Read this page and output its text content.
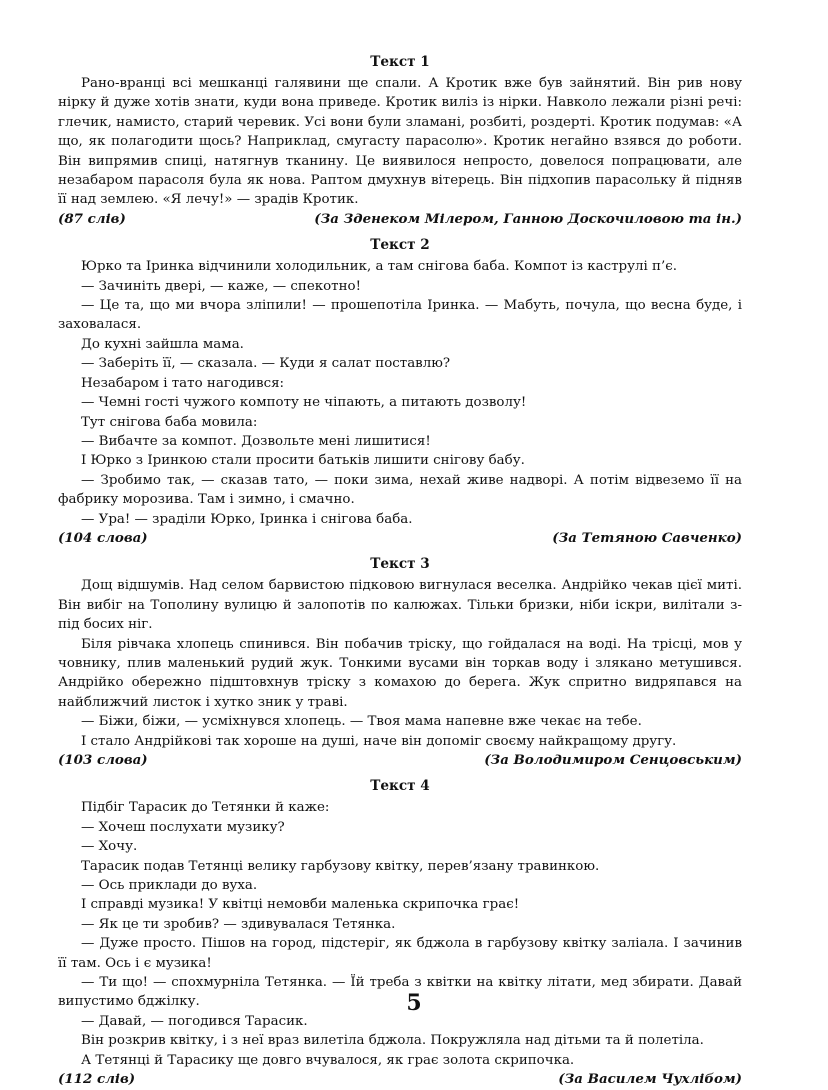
Текст 1

Рано-вранці всі мешканці галявини ще спали. А Кротик вже був зайнятий. Він рив нову нірку й дуже хотів знати, куди вона приведе. Кротик виліз із нірки. Навколо лежали різні речі: глечик, намисто, старий черевик. Усі вони були зламані, розбиті, роздерті. Кротик подумав: «А що, як полагодити щось? Наприклад, смугасту парасолю». Кротик негайно взявся до роботи. Він випрямив спиці, натягнув тканину. Це виявилося непросто, довелося попрацювати, але незабаром парасоля була як нова. Раптом дмухнув вітерець. Він підхопив парасольку й підняв її над землею. «Я лечу!» — зрадів Кротик.

(87 слів)	(За Зденеком Мілером, Ганною Доскочиловою та ін.)
Текст 2

Юрко та Іринка відчинили холодильник, а там снігова баба. Компот із каструлі п’є.

— Зачиніть двері, — каже, — спекотно!

— Це та, що ми вчора зліпили! — прошепотіла Іринка. — Мабуть, почула, що весна буде, і заховалася.

До кухні зайшла мама.

— Заберіть її, — сказала. — Куди я салат поставлю?

Незабаром і тато нагодився:

— Чемні гості чужого компоту не чіпають, а питають дозволу!

Тут снігова баба мовила:

— Вибачте за компот. Дозвольте мені лишитися!

І Юрко з Іринкою стали просити батьків лишити снігову бабу.

— Зробимо так, — сказав тато, — поки зима, нехай живе надворі. А потім відвеземо її на фабрику морозива. Там і зимно, і смачно.

— Ура! — зраділи Юрко, Іринка і снігова баба.

(104 слова)	(За Тетяною Савченко)
Текст 3

Дощ відшумів. Над селом барвистою підковою вигнулася веселка. Андрійко чекав цієї миті. Він вибіг на Тополину вулицю й залопотів по калюжах. Тільки бризки, ніби іскри, вилітали з-під босих ніг.

Біля рівчака хлопець спинився. Він побачив тріску, що гойдалася на воді. На трісці, мов у човнику, плив маленький рудий жук. Тонкими вусами він торкав воду і злякано метушився. Андрійко обережно підштовхнув тріску з комахою до берега. Жук спритно видряпався на найближчий листок і хутко зник у траві.

— Біжи, біжи, — усміхнувся хлопець. — Твоя мама напевне вже чекає на тебе.

І стало Андрійкові так хороше на душі, наче він допоміг своєму найкращому другу.

(103 слова)	(За Володимиром Сенцовським)
Текст 4

Підбіг Тарасик до Тетянки й каже:

— Хочеш послухати музику?

— Хочу.

Тарасик подав Тетянці велику гарбузову квітку, перев’язану травинкою.

— Ось приклади до вуха.

І справді музика! У квітці немовби маленька скрипочка грає!

— Як це ти зробив? — здивувалася Тетянка.

— Дуже просто. Пішов на город, підстеріг, як бджола в гарбузову квітку заліала. І зачинив її там. Ось і є музика!

— Ти що! — спохмурніла Тетянка. — Їй треба з квітки на квітку літати, мед збирати. Давай випустимо бджілку.

— Давай, — погодився Тарасик.

Він розкрив квітку, і з неї враз вилетіла бджола. Покружляла над дітьми та й полетіла.

А Тетянці й Тарасику ще довго вчувалося, як грає золота скрипочка.

(112 слів)	(За Василем Чухлібом)
5
